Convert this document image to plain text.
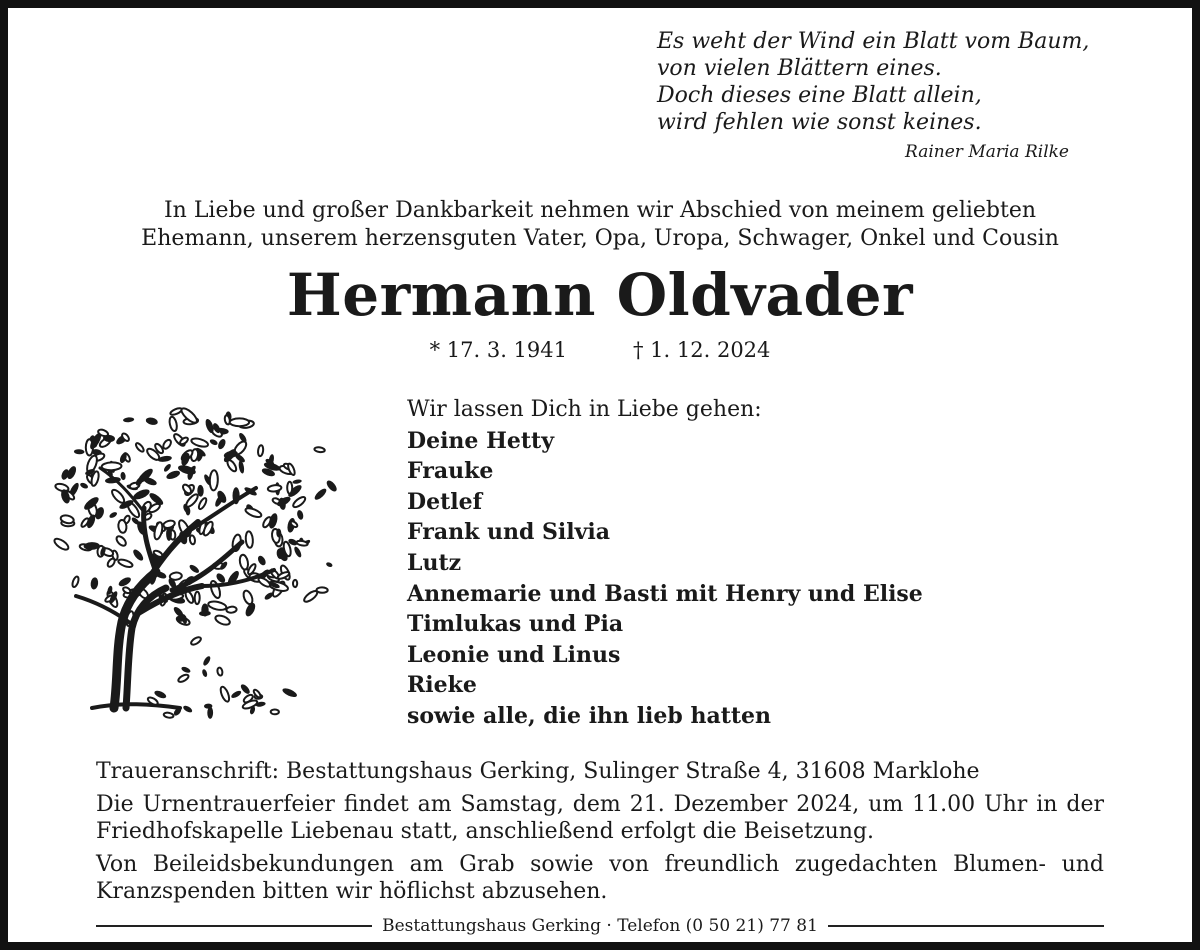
Es weht der Wind ein Blatt vom Baum,
von vielen Blättern eines.
Doch dieses eine Blatt allein,
wird fehlen wie sonst keines.
Rainer Maria Rilke
In Liebe und großer Dankbarkeit nehmen wir Abschied von meinem geliebten
Ehemann, unserem herzensguten Vater, Opa, Uropa, Schwager, Onkel und Cousin
Hermann Oldvader
* 17. 3. 1941	† 1. 12. 2024
Wir lassen Dich in Liebe gehen:
Deine Hetty
Frauke
Detlef
Frank und Silvia
Lutz
Annemarie und Basti mit Henry und Elise
Timlukas und Pia
Leonie und Linus
Rieke
sowie alle, die ihn lieb hatten

Traueranschrift: Bestattungshaus Gerking, Sulinger Straße 4, 31608 Marklohe

Die Urnentrauerfeier findet am Samstag, dem 21. Dezember 2024, um 11.00 Uhr in der Friedhofskapelle Liebenau statt, anschließend erfolgt die Beisetzung.

Von Beileidsbekundungen am Grab sowie von freundlich zugedachten Blumen- und Kranzspenden bitten wir höflichst abzusehen.

Bestattungshaus Gerking · Telefon (0 50 21) 77 81
